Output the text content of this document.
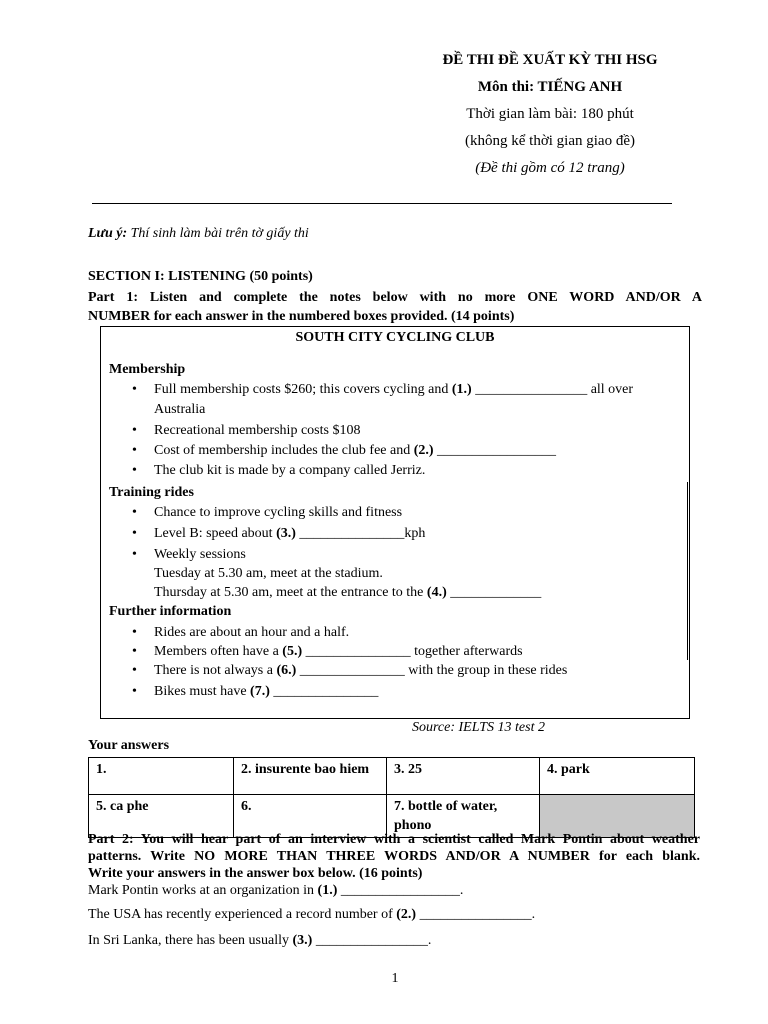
ĐỀ THI ĐỀ XUẤT KỲ THI HSG
Môn thi: TIẾNG ANH
Thời gian làm bài: 180 phút
(không kể thời gian giao đề)
(Đề thi gồm có 12 trang)
Lưu ý: Thí sinh làm bài trên tờ giấy thi
SECTION I: LISTENING (50 points)
Part 1: Listen and complete the notes below with no more ONE WORD AND/OR A
NUMBER for each answer in the numbered boxes provided. (14 points)
SOUTH CITY CYCLING CLUB
Membership
• Full membership costs $260; this covers cycling and (1.) ________________ all over
Australia
• Recreational membership costs $108
• Cost of membership includes the club fee and (2.) _________________
• The club kit is made by a company called Jerriz.
Training rides
• Chance to improve cycling skills and fitness
• Level B: speed about (3.) _______________kph
• Weekly sessions
Tuesday at 5.30 am, meet at the stadium.
Thursday at 5.30 am, meet at the entrance to the (4.) _____________
Further information
• Rides are about an hour and a half.
• Members often have a (5.) _______________ together afterwards
• There is not always a (6.) _______________ with the group in these rides
• Bikes must have (7.) _______________
Source: IELTS 13 test 2
Your answers
1.	2. insurente bao hiem	3. 25	4. park
5. ca phe	6.	7. bottle of water, phono	
Part 2: You will hear part of an interview with a scientist called Mark Pontin about weather
patterns. Write NO MORE THAN THREE WORDS AND/OR A NUMBER for each blank.
Write your answers in the answer box below. (16 points)
Mark Pontin works at an organization in (1.) _________________.
The USA has recently experienced a record number of (2.) ________________.
In Sri Lanka, there has been usually (3.) ________________.
1
